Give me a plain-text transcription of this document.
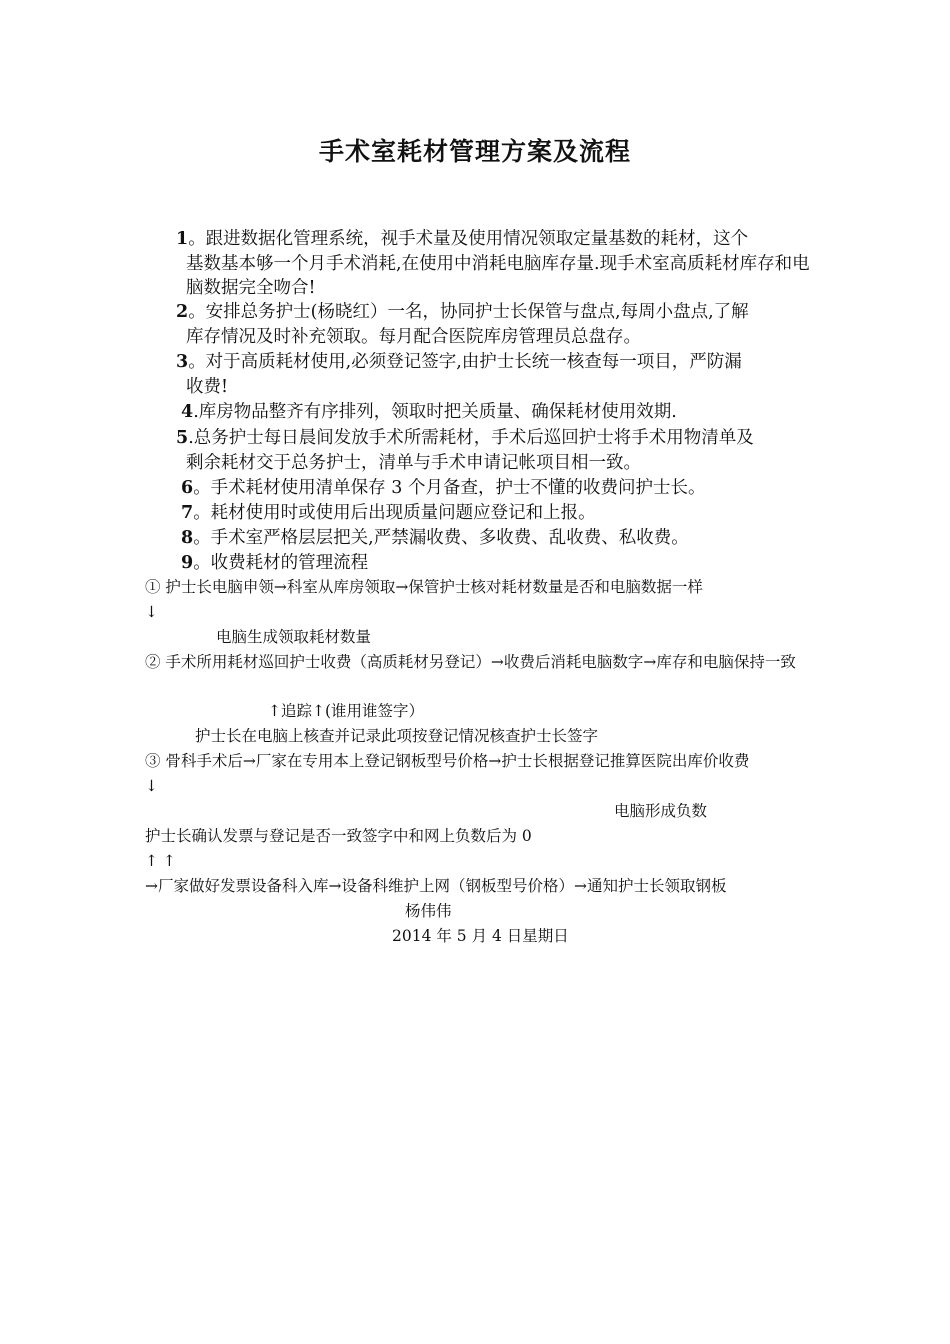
手术室耗材管理方案及流程

1。跟进数据化管理系统，视手术量及使用情况领取定量基数的耗材，这个
基数基本够一个月手术消耗,在使用中消耗电脑库存量.现手术室高质耗材库存和电脑数据完全吻合!

2。安排总务护士(杨晓红）一名，协同护士长保管与盘点,每周小盘点,了解
库存情况及时补充领取。每月配合医院库房管理员总盘存。

3。对于高质耗材使用,必须登记签字,由护士长统一核查每一项目，严防漏
收费!

4.库房物品整齐有序排列，领取时把关质量、确保耗材使用效期.

5.总务护士每日晨间发放手术所需耗材，手术后巡回护士将手术用物清单及
剩余耗材交于总务护士，清单与手术申请记帐项目相一致。

6。手术耗材使用清单保存 3 个月备查，护士不懂的收费问护士长。

7。耗材使用时或使用后出现质量问题应登记和上报。

8。手术室严格层层把关,严禁漏收费、多收费、乱收费、私收费。

9。收费耗材的管理流程

① 护士长电脑申领→科室从库房领取→保管护士核对耗材数量是否和电脑数据一样

↓

电脑生成领取耗材数量

② 手术所用耗材巡回护士收费（高质耗材另登记）→收费后消耗电脑数字→库存和电脑保持一致

↑追踪↑(谁用谁签字）

护士长在电脑上核查并记录此项按登记情况核查护士长签字

③ 骨科手术后→厂家在专用本上登记钢板型号价格→护士长根据登记推算医院出库价收费

↓

电脑形成负数

护士长确认发票与登记是否一致签字中和网上负数后为 0

↑ ↑

→厂家做好发票设备科入库→设备科维护上网（钢板型号价格）→通知护士长领取钢板

杨伟伟

2014 年 5 月 4 日星期日
